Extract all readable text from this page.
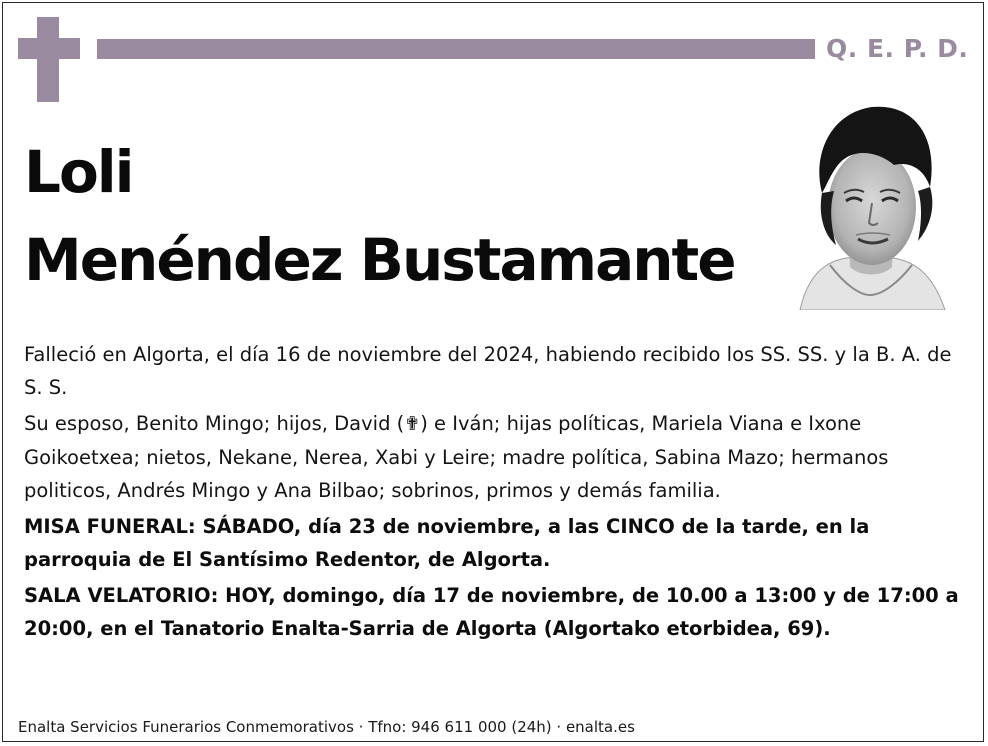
Q. E. P. D.
Loli
Menéndez Bustamante

Falleció en Algorta, el día 16 de noviembre del 2024, habiendo recibido los SS. SS. y la B. A. de S. S.

Su esposo, Benito Mingo; hijos, David (✟) e Iván; hijas políticas, Mariela Viana e Ixone Goikoetxea; nietos, Nekane, Nerea, Xabi y Leire; madre política, Sabina Mazo; hermanos politicos, Andrés Mingo y Ana Bilbao; sobrinos, primos y demás familia.

MISA FUNERAL: SÁBADO, día 23 de noviembre, a las CINCO de la tarde, en la parroquia de El Santísimo Redentor, de Algorta.

SALA VELATORIO: HOY, domingo, día 17 de noviembre, de 10.00 a 13:00 y de 17:00 a 20:00, en el Tanatorio Enalta-Sarria de Algorta (Algortako etorbidea, 69).

Enalta Servicios Funerarios Conmemorativos · Tfno: 946 611 000 (24h) · enalta.es
